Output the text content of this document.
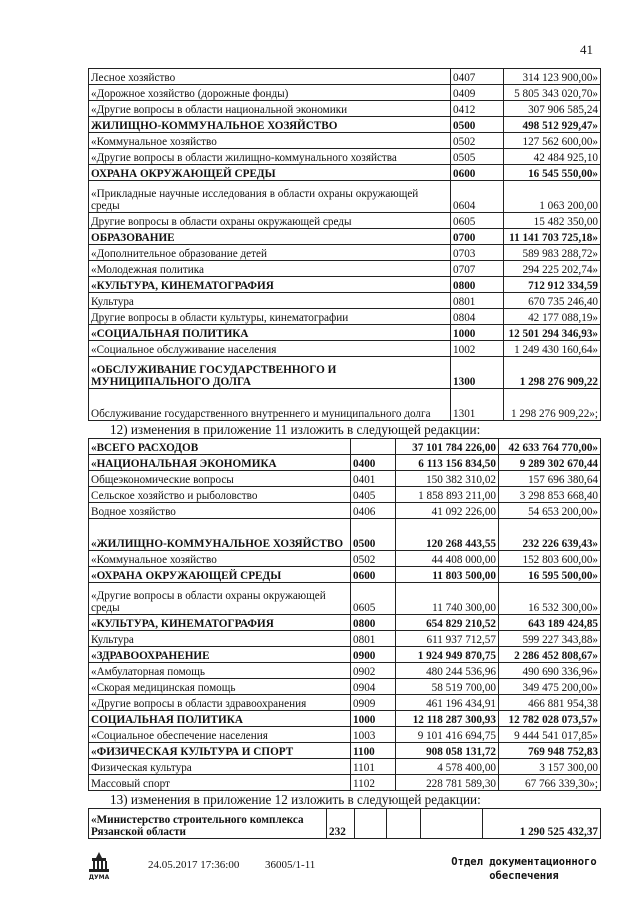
41
Лесное хозяйство	0407	314 123 900,00»
«Дорожное хозяйство (дорожные фонды)	0409	5 805 343 020,70»
«Другие вопросы в области национальной экономики	0412	307 906 585,24
ЖИЛИЩНО-КОММУНАЛЬНОЕ ХОЗЯЙСТВО	0500	498 512 929,47»
«Коммунальное хозяйство	0502	127 562 600,00»
«Другие вопросы в области жилищно-коммунального хозяйства	0505	42 484 925,10
ОХРАНА ОКРУЖАЮЩЕЙ СРЕДЫ	0600	16 545 550,00»
«Прикладные научные исследования в области охраны окружающей среды	0604	1 063 200,00
Другие вопросы в области охраны окружающей среды	0605	15 482 350,00
ОБРАЗОВАНИЕ	0700	11 141 703 725,18»
«Дополнительное образование детей	0703	589 983 288,72»
«Молодежная политика	0707	294 225 202,74»
«КУЛЬТУРА, КИНЕМАТОГРАФИЯ	0800	712 912 334,59
Культура	0801	670 735 246,40
Другие вопросы в области культуры, кинематографии	0804	42 177 088,19»
«СОЦИАЛЬНАЯ ПОЛИТИКА	1000	12 501 294 346,93»
«Социальное обслуживание населения	1002	1 249 430 160,64»
«ОБСЛУЖИВАНИЕ ГОСУДАРСТВЕННОГО И МУНИЦИПАЛЬНОГО ДОЛГА	1300	1 298 276 909,22
Обслуживание государственного внутреннего и муниципального долга	1301	1 298 276 909,22»;
12) изменения в приложение 11 изложить в следующей редакции:
«ВСЕГО РАСХОДОВ		37 101 784 226,00	42 633 764 770,00»
«НАЦИОНАЛЬНАЯ ЭКОНОМИКА	0400	6 113 156 834,50	9 289 302 670,44
Общеэкономические вопросы	0401	150 382 310,02	157 696 380,64
Сельское хозяйство и рыболовство	0405	1 858 893 211,00	3 298 853 668,40
Водное хозяйство	0406	41 092 226,00	54 653 200,00»
«ЖИЛИЩНО-КОММУНАЛЬНОЕ ХОЗЯЙСТВО	0500	120 268 443,55	232 226 639,43»
«Коммунальное хозяйство	0502	44 408 000,00	152 803 600,00»
«ОХРАНА ОКРУЖАЮЩЕЙ СРЕДЫ	0600	11 803 500,00	16 595 500,00»
«Другие вопросы в области охраны окружающей среды	0605	11 740 300,00	16 532 300,00»
«КУЛЬТУРА, КИНЕМАТОГРАФИЯ	0800	654 829 210,52	643 189 424,85
Культура	0801	611 937 712,57	599 227 343,88»
«ЗДРАВООХРАНЕНИЕ	0900	1 924 949 870,75	2 286 452 808,67»
«Амбулаторная помощь	0902	480 244 536,96	490 690 336,96»
«Скорая медицинская помощь	0904	58 519 700,00	349 475 200,00»
«Другие вопросы в области здравоохранения	0909	461 196 434,91	466 881 954,38
СОЦИАЛЬНАЯ ПОЛИТИКА	1000	12 118 287 300,93	12 782 028 073,57»
«Социальное обеспечение населения	1003	9 101 416 694,75	9 444 541 017,85»
«ФИЗИЧЕСКАЯ КУЛЬТУРА И СПОРТ	1100	908 058 131,72	769 948 752,83
Физическая культура	1101	4 578 400,00	3 157 300,00
Массовый спорт	1102	228 781 589,30	67 766 339,30»;
13) изменения в приложение 12 изложить в следующей редакции:
«Министерство строительного комплекса Рязанской области	232				1 290 525 432,37
ДУМА
24.05.2017 17:36:00 36005/1-11	Отдел документационного обеспечения
